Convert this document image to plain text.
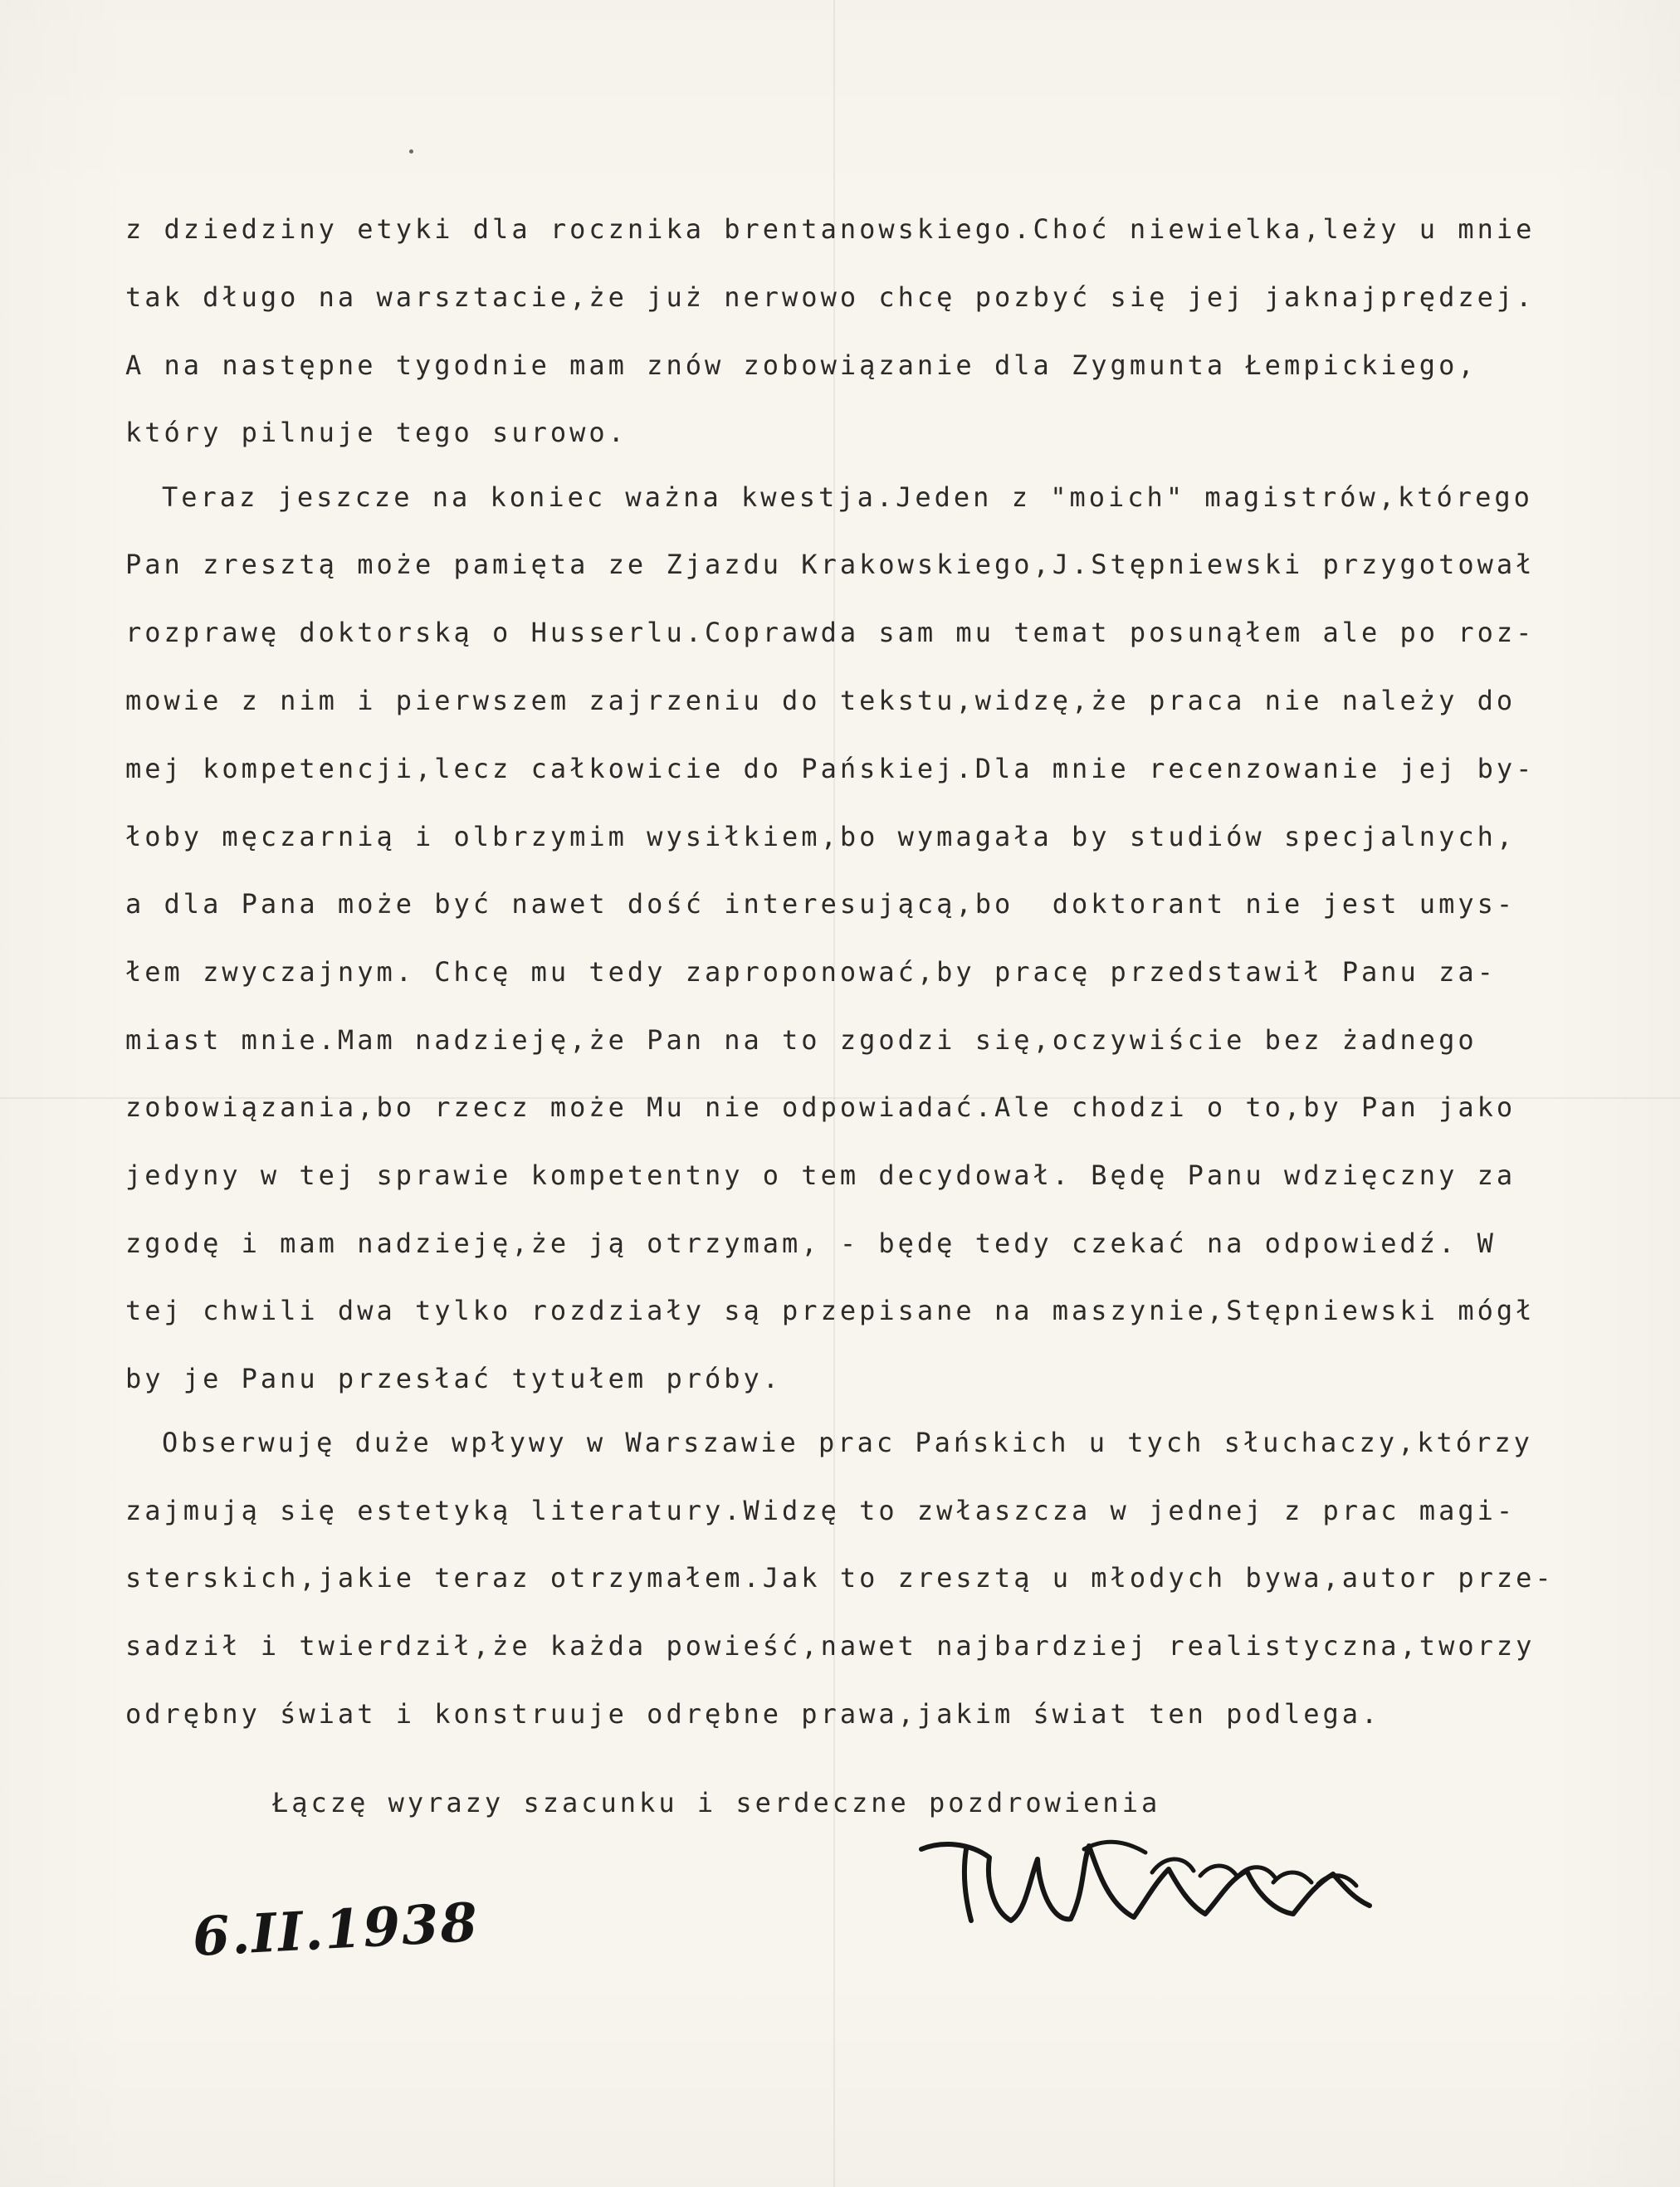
z dziedziny etyki dla rocznika brentanowskiego.Choć niewielka,leży u mnie
tak długo na warsztacie,że już nerwowo chcę pozbyć się jej jaknajprędzej.
A na następne tygodnie mam znów zobowiązanie dla Zygmunta Łempickiego,
który pilnuje tego surowo.
Teraz jeszcze na koniec ważna kwestja.Jeden z "moich" magistrów,którego
Pan zresztą może pamięta ze Zjazdu Krakowskiego,J.Stępniewski przygotował
rozprawę doktorską o Husserlu.Coprawda sam mu temat posunąłem ale po roz-
mowie z nim i pierwszem zajrzeniu do tekstu,widzę,że praca nie należy do
mej kompetencji,lecz całkowicie do Pańskiej.Dla mnie recenzowanie jej by-
łoby męczarnią i olbrzymim wysiłkiem,bo wymagała by studiów specjalnych,
a dla Pana może być nawet dość interesującą,bo  doktorant nie jest umys-
łem zwyczajnym. Chcę mu tedy zaproponować,by pracę przedstawił Panu za-
miast mnie.Mam nadzieję,że Pan na to zgodzi się,oczywiście bez żadnego
zobowiązania,bo rzecz może Mu nie odpowiadać.Ale chodzi o to,by Pan jako
jedyny w tej sprawie kompetentny o tem decydował. Będę Panu wdzięczny za
zgodę i mam nadzieję,że ją otrzymam, - będę tedy czekać na odpowiedź. W
tej chwili dwa tylko rozdziały są przepisane na maszynie,Stępniewski mógł
by je Panu przesłać tytułem próby.
Obserwuję duże wpływy w Warszawie prac Pańskich u tych słuchaczy,którzy
zajmują się estetyką literatury.Widzę to zwłaszcza w jednej z prac magi-
sterskich,jakie teraz otrzymałem.Jak to zresztą u młodych bywa,autor prze-
sadził i twierdził,że każda powieść,nawet najbardziej realistyczna,tworzy
odrębny świat i konstruuje odrębne prawa,jakim świat ten podlega.
Łączę wyrazy szacunku i serdeczne pozdrowienia
6.II.1938
